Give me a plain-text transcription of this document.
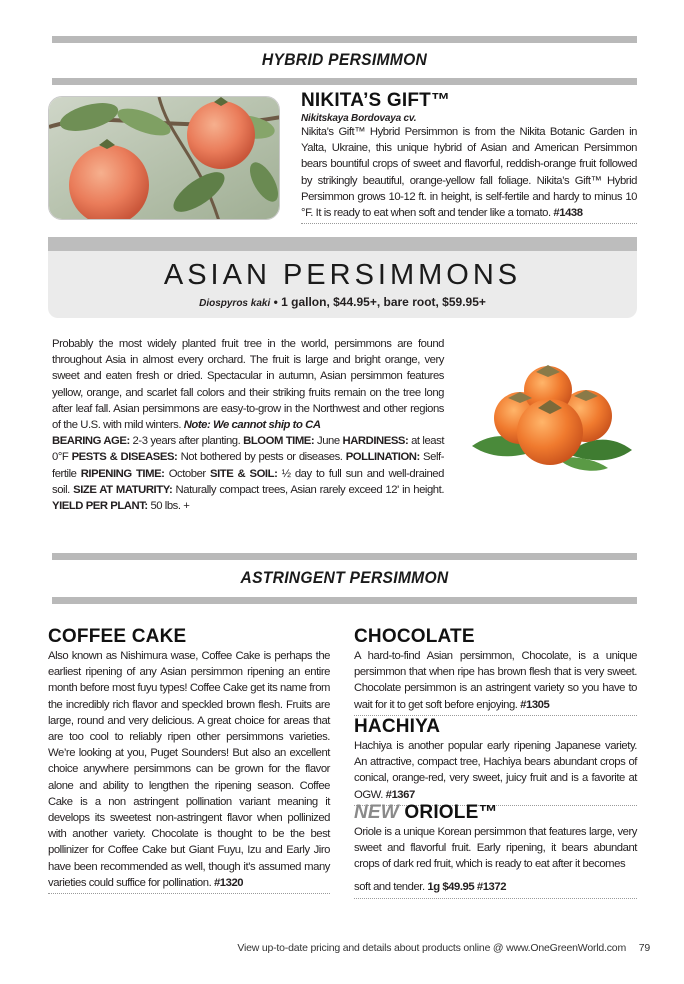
HYBRID PERSIMMON
NIKITA’S GIFT™
Nikitskaya Bordovaya cv.
Nikita’s Gift™ Hybrid Persimmon is from the Nikita Botanic Garden in Yalta, Ukraine, this unique hybrid of Asian and American Persimmon bears bountiful crops of sweet and flavorful, reddish-orange fruit followed by strikingly beautiful, orange-yellow fall foliage. Nikita’s Gift™ Hybrid Persimmon grows 10-12 ft. in height, is self-fertile and hardy to minus 10 °F. It is ready to eat when soft and tender like a tomato. #1438
ASIAN PERSIMMONS
Diospyros kaki • 1 gallon, $44.95+, bare root, $59.95+
Probably the most widely planted fruit tree in the world, persimmons are found throughout Asia in almost every orchard. The fruit is large and bright orange, very sweet and eaten fresh or dried. Spectacular in autumn, Asian persimmon features yellow, orange, and scarlet fall colors and their striking fruits remain on the tree long after leaf fall. Asian persimmons are easy-to-grow in the Northwest and other regions of the U.S. with mild winters. Note: We cannot ship to CA
BEARING AGE: 2-3 years after planting. BLOOM TIME: June HARDINESS: at least 0°F PESTS & DISEASES: Not bothered by pests or diseases. POLLINATION: Self-fertile RIPENING TIME: October SITE & SOIL: ½ day to full sun and well-drained soil. SIZE AT MATURITY: Naturally compact trees, Asian rarely exceed 12' in height. YIELD PER PLANT: 50 lbs. +
ASTRINGENT PERSIMMON
COFFEE CAKE
Also known as Nishimura wase, Coffee Cake is perhaps the earliest ripening of any Asian persimmon ripening an entire month before most fuyu types! Coffee Cake get its name from the incredibly rich flavor and speckled brown flesh. Fruits are large, round and very delicious. A great choice for areas that are too cool to reliably ripen other persimmons varieties. We’re looking at you, Puget Sounders! But also an excellent choice anywhere persimmons can be grown for the flavor alone and ability to lengthen the ripening season. Coffee Cake is a non astringent pollination variant meaning it develops its sweetest non-astringent flavor when pollinized with another variety. Chocolate is thought to be the best pollinizer for Coffee Cake but Giant Fuyu, Izu and Early Jiro have been recommended as well, though it’s assumed many varieties could suffice for pollination. #1320
CHOCOLATE
A hard-to-find Asian persimmon, Chocolate, is a unique persimmon that when ripe has brown flesh that is very sweet. Chocolate persimmon is an astringent variety so you have to wait for it to get soft before enjoying. #1305
HACHIYA
Hachiya is another popular early ripening Japanese variety. An attractive, compact tree, Hachiya bears abundant crops of conical, orange-red, very sweet, juicy fruit and is a favorite at OGW. #1367
NEW ORIOLE™
Oriole is a unique Korean persimmon that features large, very sweet and flavorful fruit. Early ripening, it bears abundant crops of dark red fruit, which is ready to eat after it becomes
soft and tender. 1g $49.95 #1372
View up-to-date pricing and details about products online @ www.OneGreenWorld.com 79
